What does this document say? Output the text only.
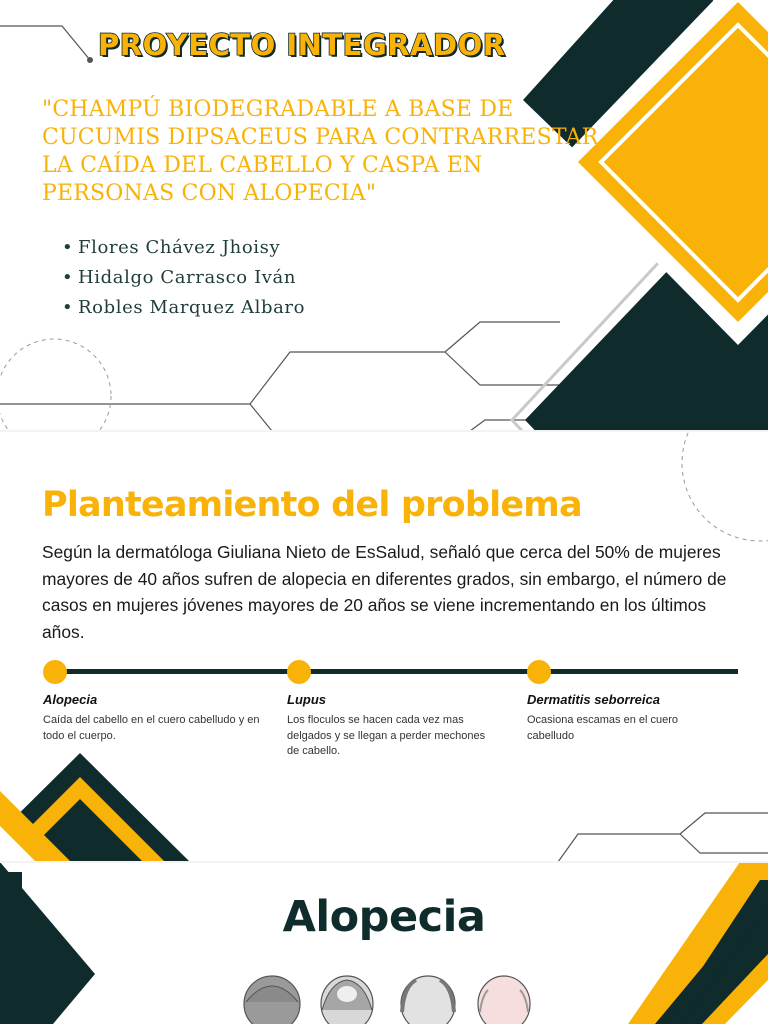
PROYECTO INTEGRADOR

"CHAMPÚ BIODEGRADABLE A BASE DE CUCUMIS DIPSACEUS PARA CONTRARRESTAR LA CAÍDA DEL CABELLO Y CASPA EN PERSONAS CON ALOPECIA"

• Flores Chávez Jhoisy
• Hidalgo Carrasco Iván
• Robles Marquez Albaro
Planteamiento del problema

Según la dermatóloga Giuliana Nieto de EsSalud, señaló que cerca del 50% de mujeres mayores de 40 años sufren de alopecia en diferentes grados, sin embargo, el número de casos en mujeres jóvenes mayores de 20 años se viene incrementando en los últimos años.

Alopecia

Caída del cabello en el cuero cabelludo y en todo el cuerpo.

Lupus

Los floculos se hacen cada vez mas delgados y se llegan a perder mechones de cabello.

Dermatitis seborreica

Ocasiona escamas en el cuero cabelludo

Alopecia
